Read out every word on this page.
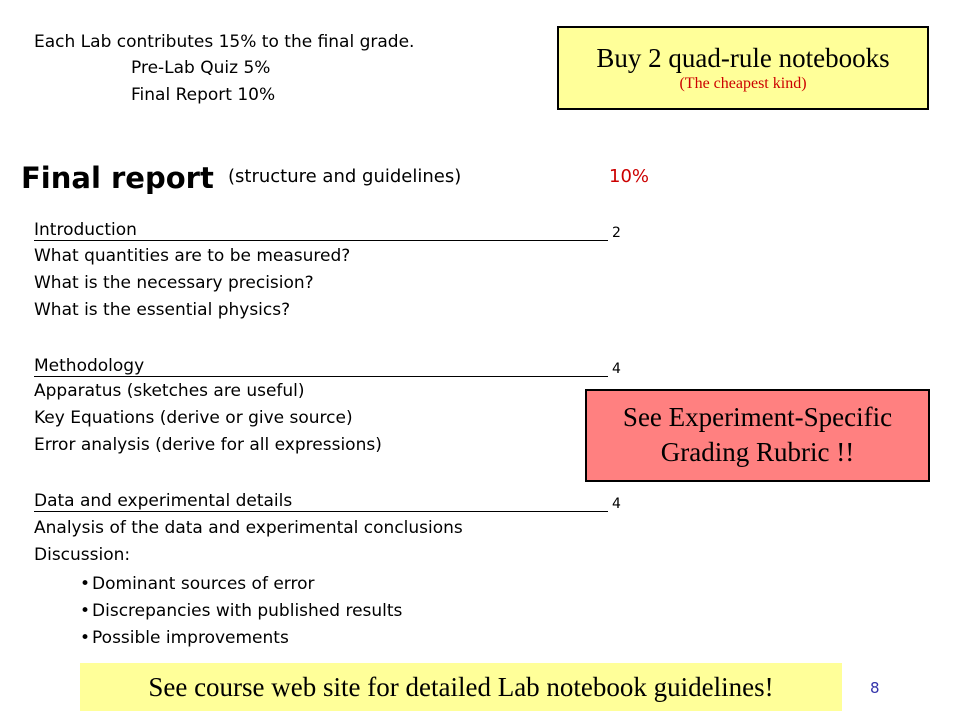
Each Lab contributes 15% to the final grade.
Pre-Lab Quiz 5%
Final Report 10%
Buy 2 quad-rule notebooks
(The cheapest kind)
Final report (structure and guidelines)	10%
Introduction	2
What quantities are to be measured?
What is the necessary precision?
What is the essential physics?
Methodology	4
Apparatus (sketches are useful)
Key Equations (derive or give source)
Error analysis (derive for all expressions)
See Experiment-Specific
Grading Rubric !!
Data and experimental details	4
Analysis of the data and experimental conclusions
Discussion:
• Dominant sources of error
• Discrepancies with published results
• Possible improvements
See course web site for detailed Lab notebook guidelines!	8
